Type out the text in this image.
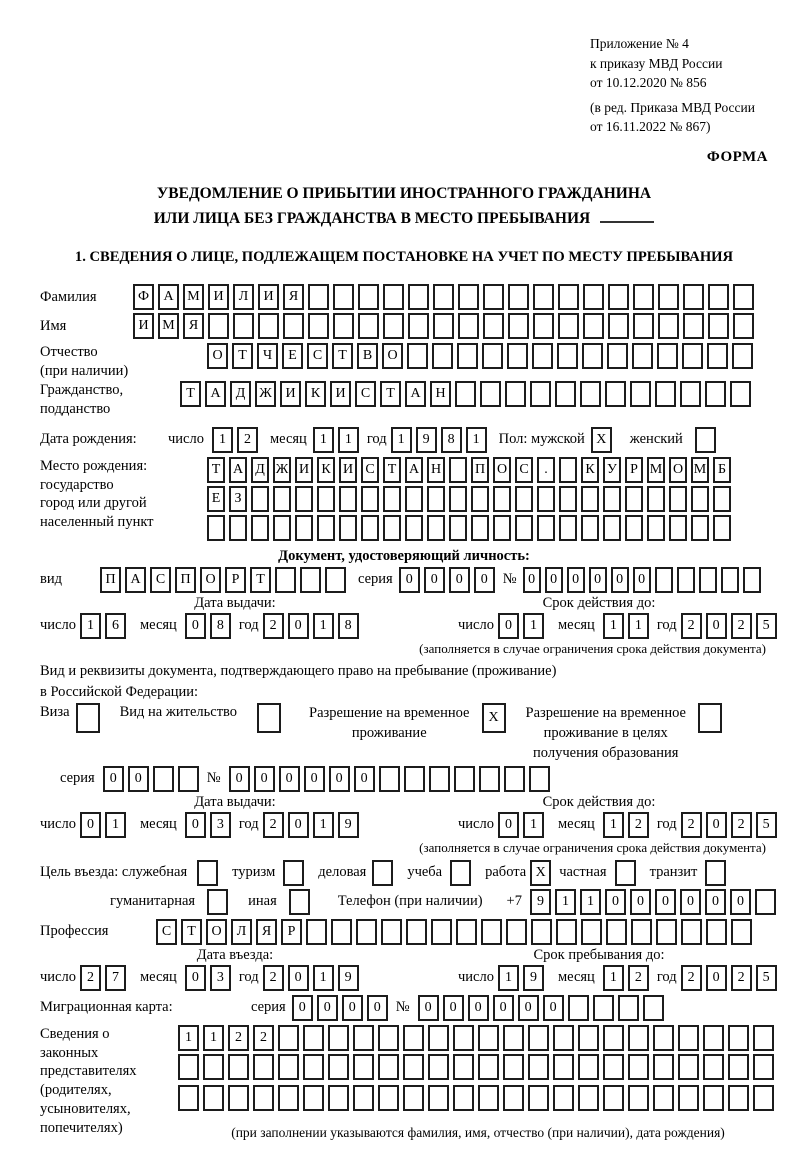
Приложение № 4
к приказу МВД России
от 10.12.2020 № 856
(в ред. Приказа МВД России
от 16.11.2022 № 867)
ФОРМА
УВЕДОМЛЕНИЕ О ПРИБЫТИИ ИНОСТРАННОГО ГРАЖДАНИНА
ИЛИ ЛИЦА БЕЗ ГРАЖДАНСТВА В МЕСТО ПРЕБЫВАНИЯ
1. СВЕДЕНИЯ О ЛИЦЕ, ПОДЛЕЖАЩЕМ ПОСТАНОВКЕ НА УЧЕТ ПО МЕСТУ ПРЕБЫВАНИЯ
Фамилия	Ф	А М И	Л	И	Я
Имя	И М	Я
Отчество
(при наличии)
О	Т	Ч	Е	С	Т	В	О
Гражданство,
подданство
Т	А	Д Ж И	К	И	С	Т	А	Н
Дата рождения:	число	1	2	месяц 1	1	год 1	9	8	1	Пол: мужской X	женский
Место рождения:
государство
город или другой
населенный пункт
Т А Д Ж И К И С Т А Н П О С	.	К У Р М О М Б

Е	З

Документ, удостоверяющий личность:
вид	П	А	С	П	О	Р	Т	серия 0	0	0	0	№ 0	0	0	0	0	0
Дата выдачи:	Срок действия до:
число 1	6	месяц	0	8	год 2	0	1	8	число 0	1	месяц	1	1	год 2	0	2	5
(заполняется в случае ограничения срока действия документа)
Вид и реквизиты документа, подтверждающего право на пребывание (проживание)
в Российской Федерации:
Виза	Вид на жительство	Разрешение на временное
проживание
X	Разрешение на временное
проживание в целях
получения образования
серия	0	0	№	0	0	0	0	0	0
Дата выдачи:	Срок действия до:
число 0	1	месяц	0	3	год 2	0	1	9	число 0	1	месяц	1	2	год 2	0	2	5
(заполняется в случае ограничения срока действия документа)
Цель въезда: служебная	туризм	деловая	учеба	работа X частная	транзит
гуманитарная	иная	Телефон (при наличии) +7	9	1	1	0	0	0	0	0	0
Профессия	С	Т	О	Л	Я	Р
Дата въезда:	Срок пребывания до:
число 2	7	месяц	0	3	год 2	0	1	9	число 1	9	месяц	1	2	год 2	0	2	5
Миграционная карта:	серия 0	0	0	0	№	0	0	0	0	0	0
Сведения о
законных
представителях
(родителях,
усыновителях,
попечителях)
1	1	2	2

(при заполнении указываются фамилия, имя, отчество (при наличии), дата рождения)
